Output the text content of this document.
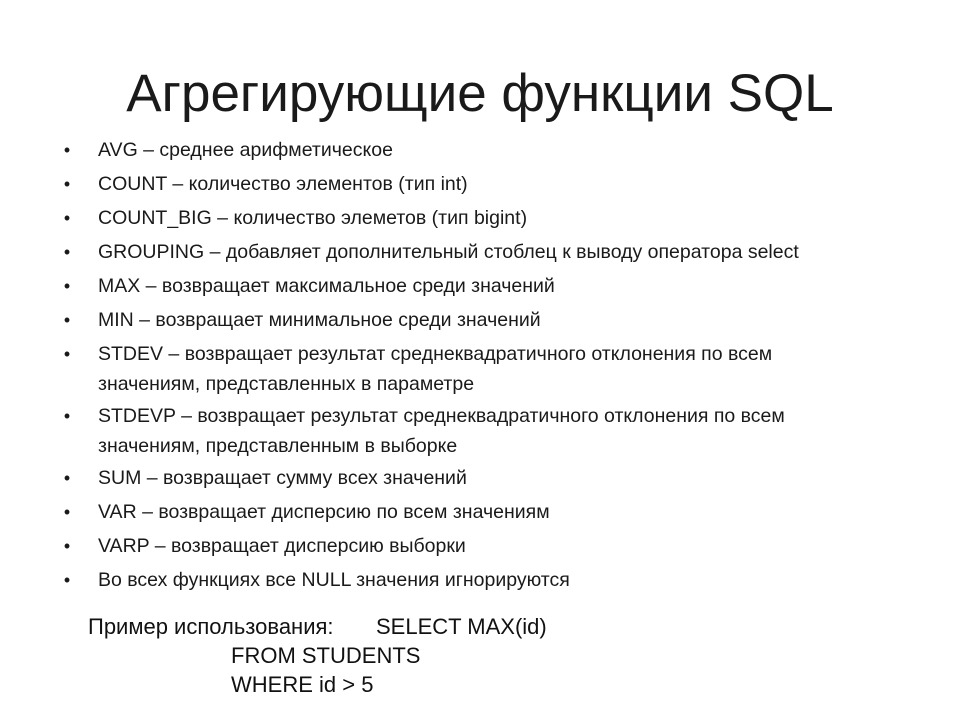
Агрегирующие функции SQL
• AVG – среднее арифметическое
• COUNT – количество элементов (тип int)
• COUNT_BIG – количество элеметов (тип bigint)
• GROUPING – добавляет дополнительный стоблец к выводу оператора select
• MAX – возвращает максимальное среди значений
• MIN – возвращает минимальное среди значений
• STDEV – возвращает результат среднеквадратичного отклонения по всем
значениям, представленных в параметре
• STDEVP – возвращает результат среднеквадратичного отклонения по всем
значениям, представленным в выборке
• SUM – возвращает сумму всех значений
• VAR – возвращает дисперсию по всем значениям
• VARP – возвращает дисперсию выборки
• Во всех функциях все NULL значения игнорируются
Пример использования: SELECT MAX(id)
FROM STUDENTS
WHERE id > 5
